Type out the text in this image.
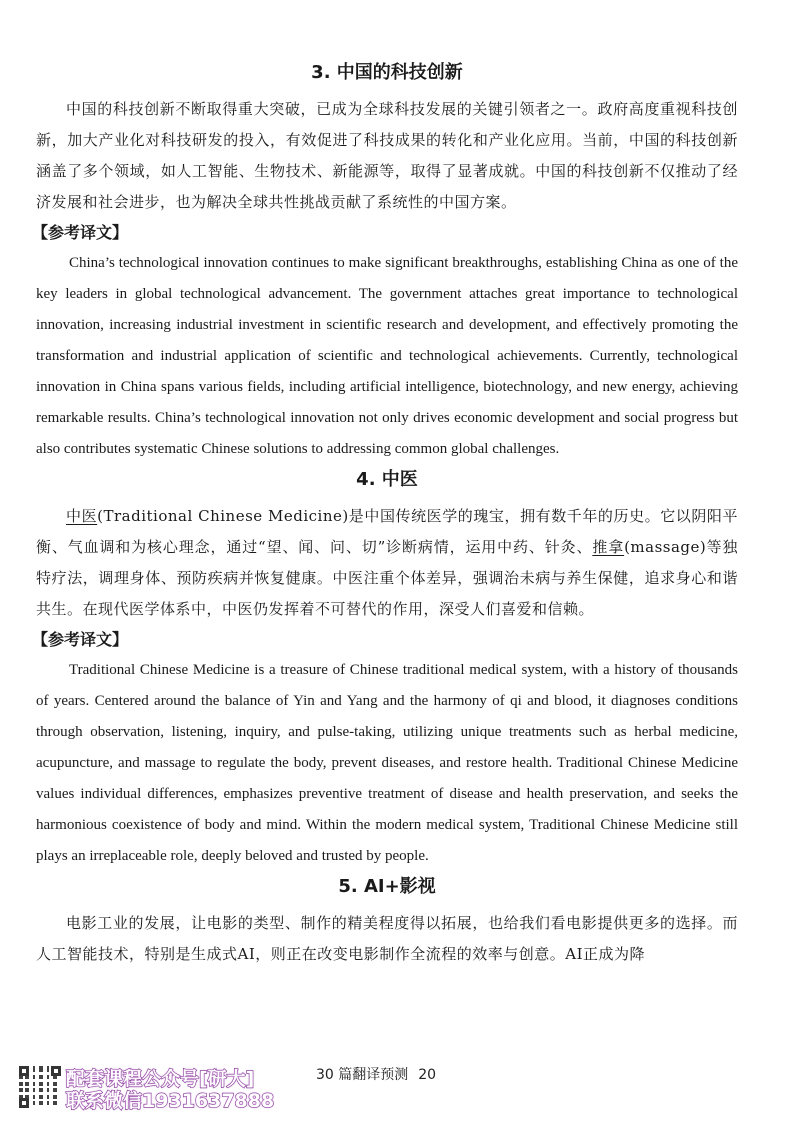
3. 中国的科技创新

中国的科技创新不断取得重大突破，已成为全球科技发展的关键引领者之一。政府高度重视科技创新，加大产业化对科技研发的投入，有效促进了科技成果的转化和产业化应用。当前，中国的科技创新涵盖了多个领域，如人工智能、生物技术、新能源等，取得了显著成就。中国的科技创新不仅推动了经济发展和社会进步，也为解决全球共性挑战贡献了系统性的中国方案。

【参考译文】

China’s technological innovation continues to make significant breakthroughs, establishing China as one of the key leaders in global technological advancement. The government attaches great importance to technological innovation, increasing industrial investment in scientific research and development, and effectively promoting the transformation and industrial application of scientific and technological achievements. Currently, technological innovation in China spans various fields, including artificial intelligence, biotechnology, and new energy, achieving remarkable results. China’s technological innovation not only drives economic development and social progress but also contributes systematic Chinese solutions to addressing common global challenges.

4. 中医

中医(Traditional Chinese Medicine)是中国传统医学的瑰宝，拥有数千年的历史。它以阴阳平衡、气血调和为核心理念，通过“望、闻、问、切”诊断病情，运用中药、针灸、推拿(massage)等独特疗法，调理身体、预防疾病并恢复健康。中医注重个体差异，强调治未病与养生保健，追求身心和谐共生。在现代医学体系中，中医仍发挥着不可替代的作用，深受人们喜爱和信赖。

【参考译文】

Traditional Chinese Medicine is a treasure of Chinese traditional medical system, with a history of thousands of years. Centered around the balance of Yin and Yang and the harmony of qi and blood, it diagnoses conditions through observation, listening, inquiry, and pulse-taking, utilizing unique treatments such as herbal medicine, acupuncture, and massage to regulate the body, prevent diseases, and restore health. Traditional Chinese Medicine values individual differences, emphasizes preventive treatment of disease and health preservation, and seeks the harmonious coexistence of body and mind. Within the modern medical system, Traditional Chinese Medicine still plays an irreplaceable role, deeply beloved and trusted by people.

5. AI+影视

电影工业的发展，让电影的类型、制作的精美程度得以拓展，也给我们看电影提供更多的选择。而人工智能技术，特别是生成式AI，则正在改变电影制作全流程的效率与创意。AI正成为降

配套课程公众号[研大]
联系微信1931637888
30 篇翻译预测 20
